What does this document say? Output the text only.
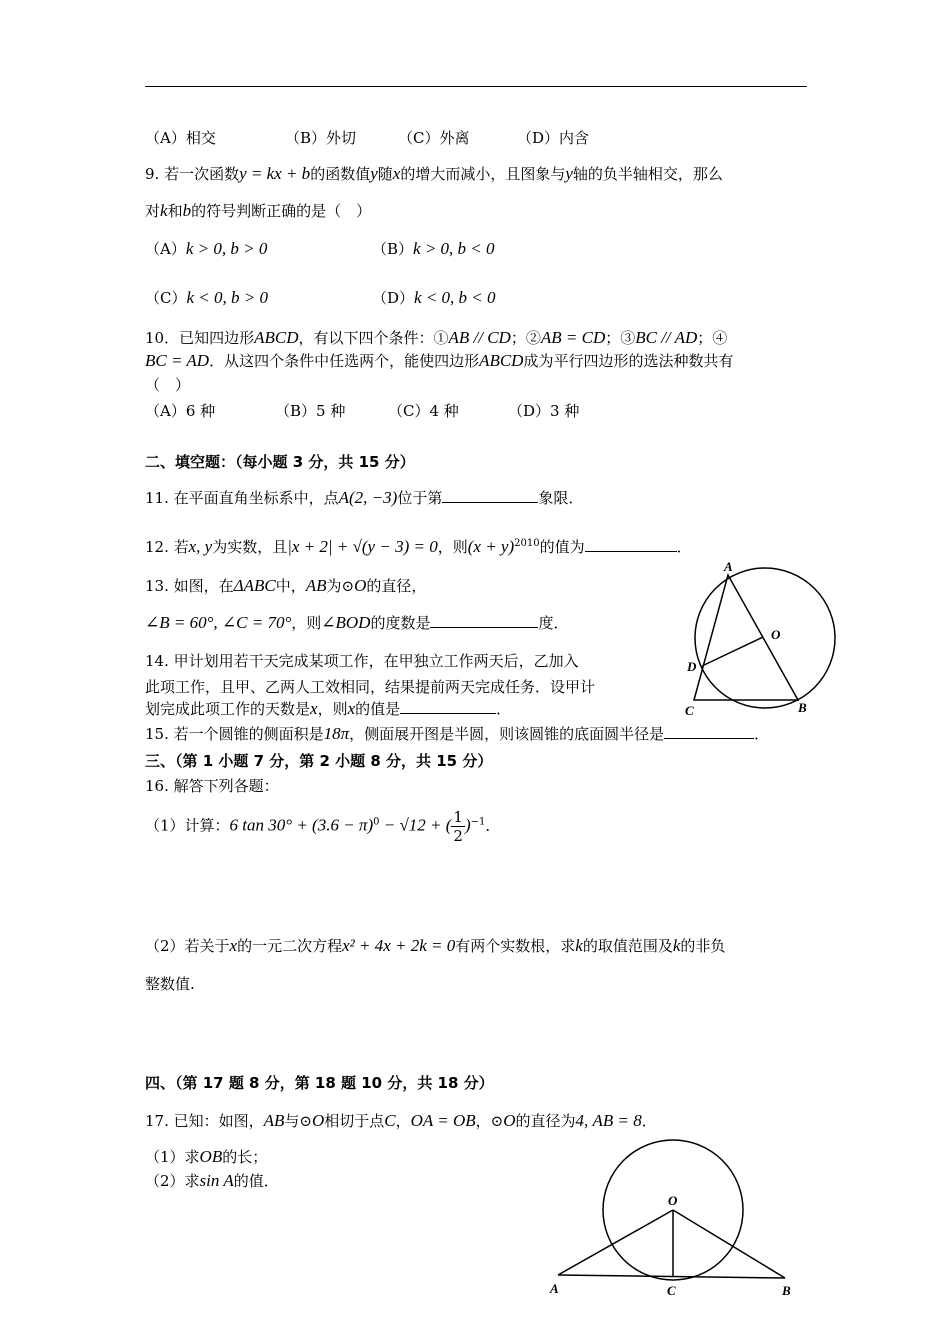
（A）相交	（B）外切	（C）外离	（D）内含
9. 若一次函数y = kx + b的函数值y随x的增大而减小，且图象与y轴的负半轴相交，那么
对k和b的符号判断正确的是（　）
（A）k > 0, b > 0	（B）k > 0, b < 0
（C）k < 0, b > 0	（D）k < 0, b < 0
10．已知四边形ABCD，有以下四个条件：①AB // CD；②AB = CD；③BC // AD；④
BC = AD．从这四个条件中任选两个，能使四边形ABCD成为平行四边形的选法种数共有
（　）
（A）6 种	（B）5 种	（C）4 种	（D）3 种
二、填空题：（每小题 3 分，共 15 分）
11. 在平面直角坐标系中，点A(2, −3)位于第	象限．
12. 若x, y为实数，且|x + 2| + √(y − 3) = 0，则$(x + y)^{2010}$的值为	．
13. 如图，在ΔABC中，AB为⊙O的直径，
∠B = 60°, ∠C = 70°，则∠BOD的度数是	度．
A
O
D
C	B
14. 甲计划用若干天完成某项工作，在甲独立工作两天后，乙加入
此项工作，且甲、乙两人工效相同，结果提前两天完成任务．设甲计
划完成此项工作的天数是x，则x的值是	．
15. 若一个圆锥的侧面积是18π，侧面展开图是半圆，则该圆锥的底面圆半径是	．
三、（第 1 小题 7 分，第 2 小题 8 分，共 15 分）
16. 解答下列各题：
（1）计算：6 $\tan 30^\circ + (3.6 - \pi)^0 - √12$ + ( $\frac{1}{2} )^{-1}$．
（2）若关于x的一元二次方程x² + 4x + 2k = 0有两个实数根，求k的取值范围及k的非负
整数值.
四、（第 17 题 8 分，第 18 题 10 分，共 18 分）
17. 已知：如图，AB与⊙O相切于点C，OA = OB，⊙O的直径为4, AB = 8．
（1）求OB的长；
（2）求sin A的值．
O
A	C	B
